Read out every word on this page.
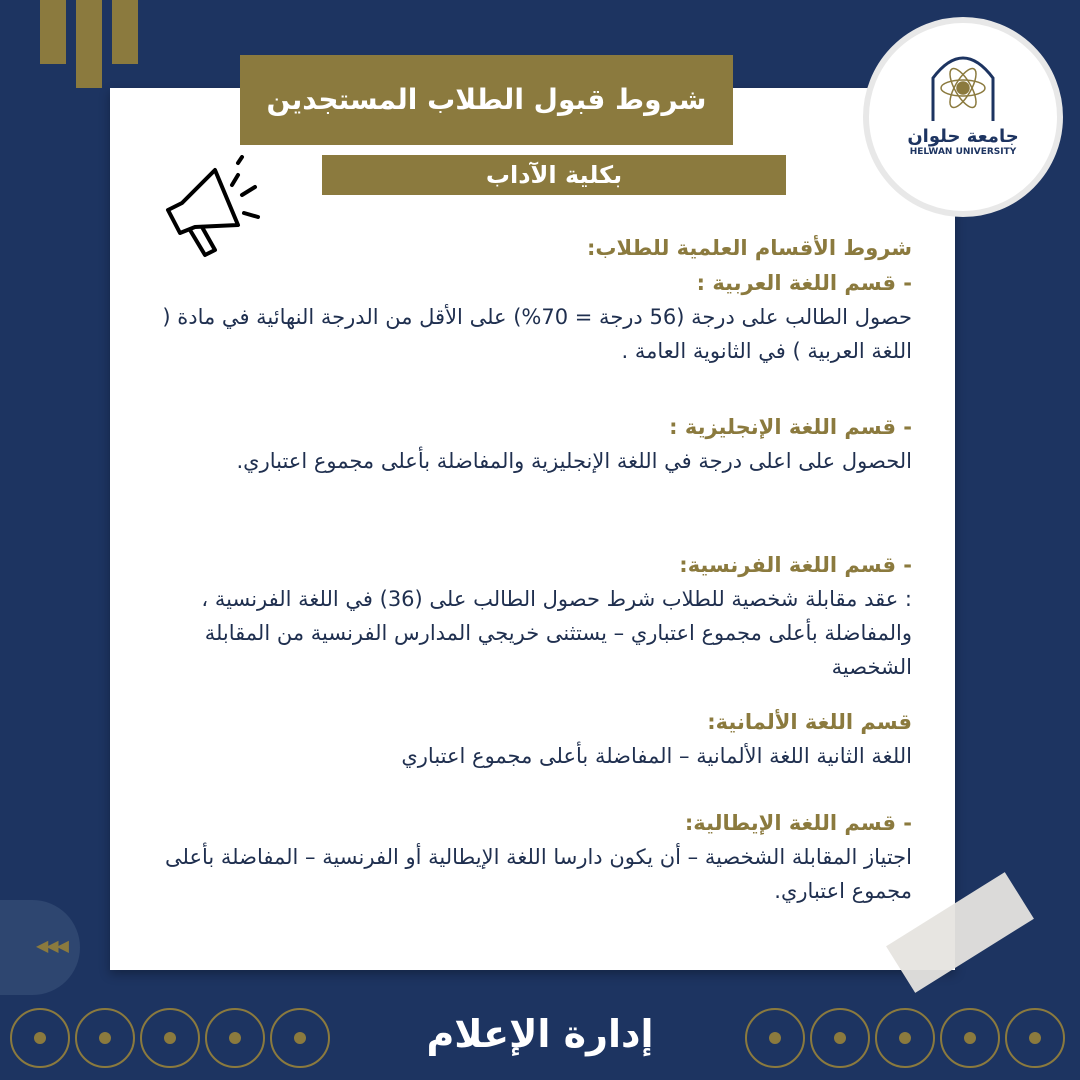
◀◀◀
شروط قبول الطلاب المستجدين
بكلية الآداب
جامعة حلوان
HELWAN UNIVERSITY
شروط الأقسام العلمية للطلاب:
- قسم اللغة العربية :
حصول الطالب على درجة (56 درجة = 70%) على الأقل من الدرجة النهائية في مادة ( اللغة العربية ) في الثانوية العامة .
- قسم اللغة الإنجليزية :
الحصول على اعلى درجة في اللغة الإنجليزية والمفاضلة بأعلى مجموع اعتباري.
- قسم اللغة الفرنسية:
: عقد مقابلة شخصية للطلاب شرط حصول الطالب على (36) في اللغة الفرنسية ، والمفاضلة بأعلى مجموع اعتباري – يستثنى خريجي المدارس الفرنسية من المقابلة الشخصية
قسم اللغة الألمانية:
اللغة الثانية اللغة الألمانية – المفاضلة بأعلى مجموع اعتباري
- قسم اللغة الإيطالية:
اجتياز المقابلة الشخصية – أن يكون دارسا اللغة الإيطالية أو الفرنسية – المفاضلة بأعلى مجموع اعتباري.
إدارة الإعلام
